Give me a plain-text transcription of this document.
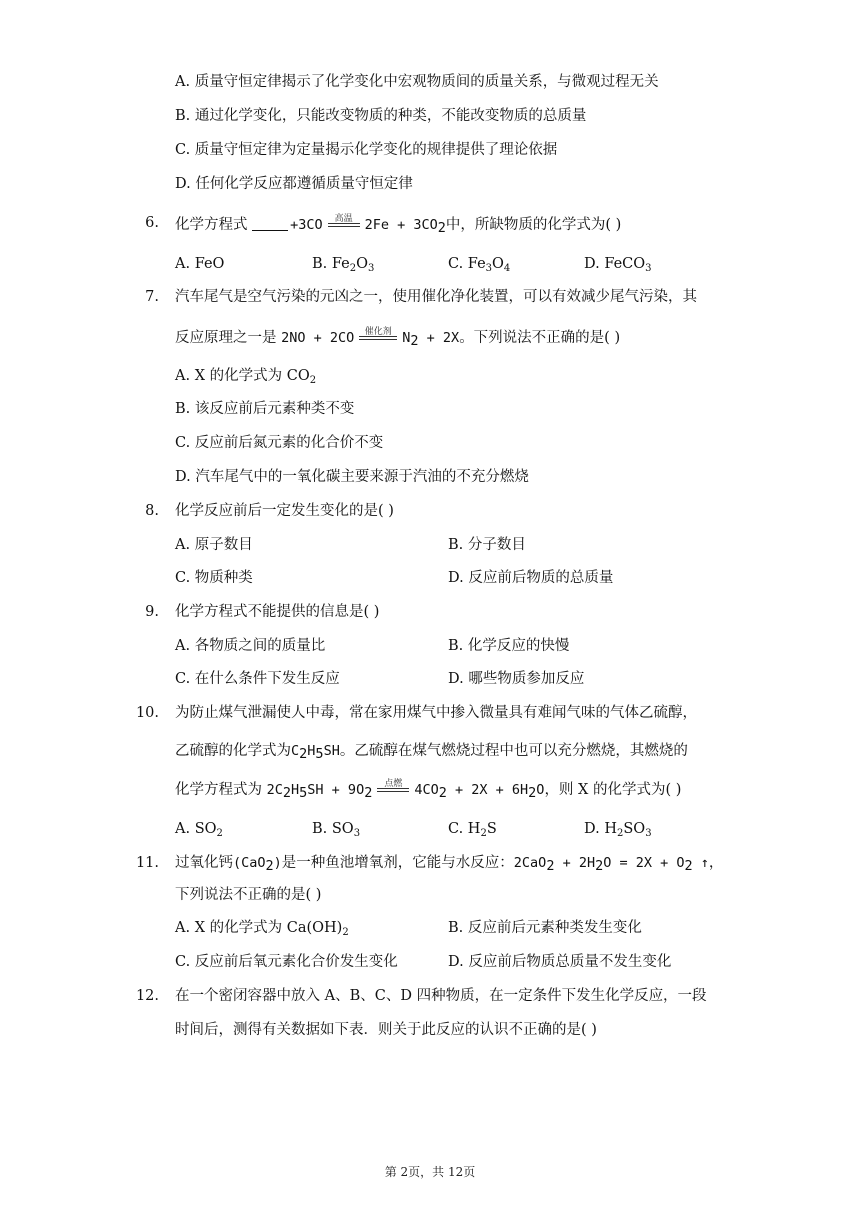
A. 质量守恒定律揭示了化学变化中宏观物质间的质量关系，与微观过程无关
B. 通过化学变化，只能改变物质的种类，不能改变物质的总质量
C. 质量守恒定律为定量揭示化学变化的规律提供了理论依据
D. 任何化学反应都遵循质量守恒定律
6. 化学方程式	+3CO	高温 2Fe + 3CO2中，所缺物质的化学式为( )
A. FeO	B. $Fe_2O_3$	C. $Fe_3O_4$	D. FeCO$_3$
7. 汽车尾气是空气污染的元凶之一，使用催化净化装置，可以有效减少尾气污染，其
反应原理之一是 2NO + 2CO	催化剂 N2 + 2X。下列说法不正确的是( )
A. X 的化学式为 $CO_2$
B. 该反应前后元素种类不变
C. 反应前后氮元素的化合价不变
D. 汽车尾气中的一氧化碳主要来源于汽油的不充分燃烧
8. 化学反应前后一定发生变化的是( )
A. 原子数目	B. 分子数目
C. 物质种类	D. 反应前后物质的总质量
9. 化学方程式不能提供的信息是( )
A. 各物质之间的质量比	B. 化学反应的快慢
C. 在什么条件下发生反应	D. 哪些物质参加反应
10. 为防止煤气泄漏使人中毒，常在家用煤气中掺入微量具有难闻气味的气体乙硫醇，
乙硫醇的化学式为C2H5SH。乙硫醇在煤气燃烧过程中也可以充分燃烧，其燃烧的
化学方程式为 2C2H5SH + 9O2
点燃 4CO2 + 2X + 6H2O，则 X 的化学式为( )
A. $SO_2$	B. $SO_3$	C. $H_2S$	D. $H_2SO_3$
11. 过氧化钙(CaO2)是一种鱼池增氧剂，它能与水反应：2CaO2 + 2H2O = 2X + O2 ↑，
下列说法不正确的是( )
A. X 的化学式为 $Ca(OH)_2$	B. 反应前后元素种类发生变化
C. 反应前后氧元素化合价发生变化	D. 反应前后物质总质量不发生变化
12. 在一个密闭容器中放入 A、B、C、D 四种物质，在一定条件下发生化学反应，一段
时间后，测得有关数据如下表．则关于此反应的认识不正确的是( )
第 2页，共 12页
